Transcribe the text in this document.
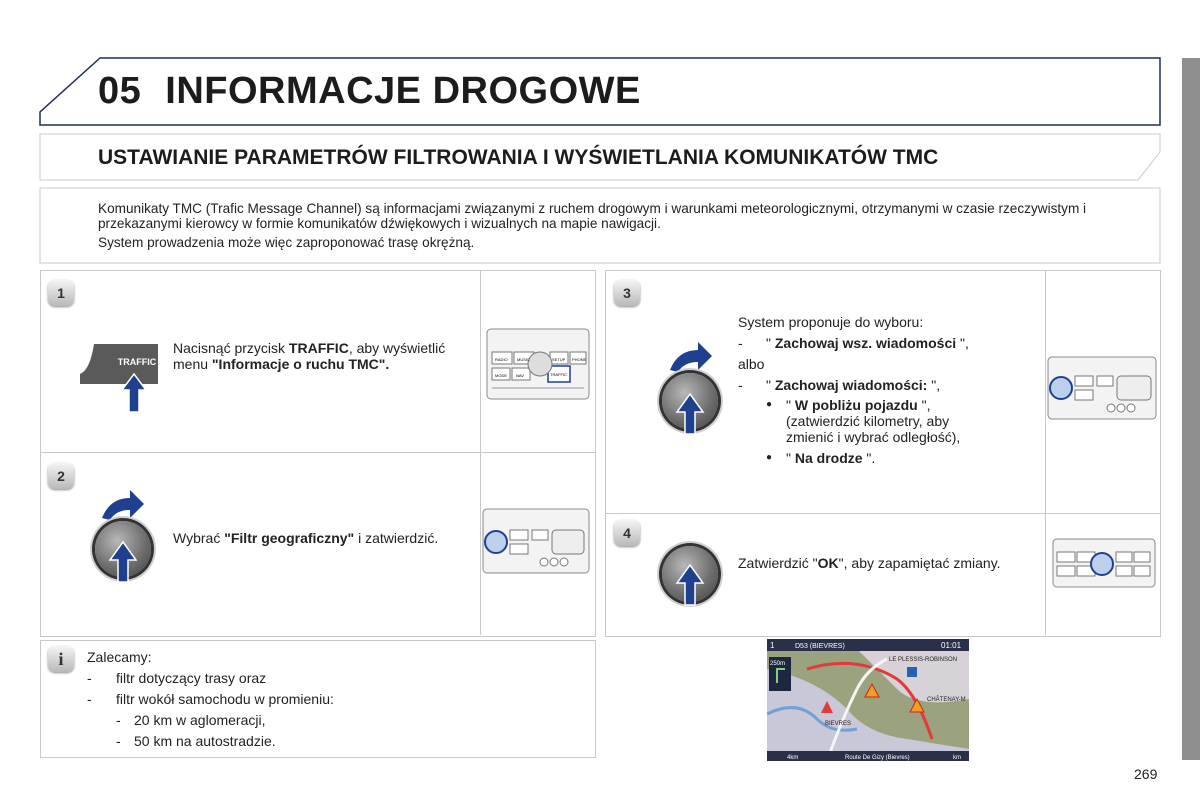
05 INFORMACJE DROGOWE
USTAWIANIE PARAMETRÓW FILTROWANIA I WYŚWIETLANIA KOMUNIKATÓW TMC

Komunikaty TMC (Trafic Message Channel) są informacjami związanymi z ruchem drogowym i warunkami meteorologicznymi, otrzymanymi w czasie rzeczywistym i przekazanymi kierowcy w formie komunikatów dźwiękowych i wizualnych na mapie nawigacji.

System prowadzenia może więc zaproponować trasę okrężną.

1
TRAFFIC
Nacisnąć przycisk TRAFFIC, aby wyświetlić menu "Informacje o ruchu TMC".	RADIO MUSIC	SETUP PHONE
MODE NAV	TRAFFIC
2
Wybrać "Filtr geograficzny" i zatwierdzić.
3
System proponuje do wyboru:
-	" Zachowaj wsz. wiadomości ",
albo
-	" Zachowaj wiadomości: ",
● " W pobliżu pojazdu ",
(zatwierdzić kilometry, aby zmienić i wybrać odległość),
● " Na drodze ".
4
Zatwierdzić "OK", aby zapamiętać zmiany.
i	Zalecamy:
-	filtr dotyczący trasy oraz
-	filtr wokół samochodu w promieniu:
- 20 km w aglomeracji,
- 50 km na autostradzie.
1	D53 (BIEVRES)	01:01
250m
LE PLESSIS-ROBINSON
CHÂTENAY-M
BIEVRES
4km	Route De Gizy (Bievres)	km
269
